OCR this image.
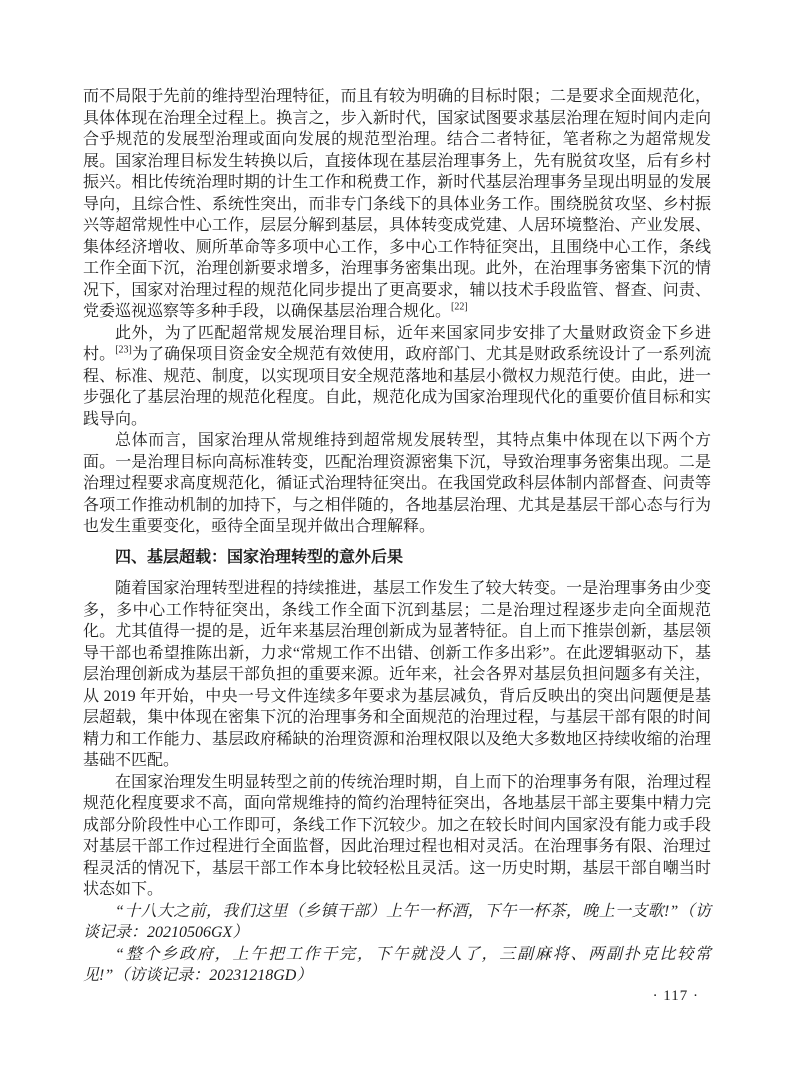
而不局限于先前的维持型治理特征，而且有较为明确的目标时限；二是要求全面规范化，具体体现在治理全过程上。换言之，步入新时代，国家试图要求基层治理在短时间内走向合乎规范的发展型治理或面向发展的规范型治理。结合二者特征，笔者称之为超常规发展。国家治理目标发生转换以后，直接体现在基层治理事务上，先有脱贫攻坚，后有乡村振兴。相比传统治理时期的计生工作和税费工作，新时代基层治理事务呈现出明显的发展导向，且综合性、系统性突出，而非专门条线下的具体业务工作。围绕脱贫攻坚、乡村振兴等超常规性中心工作，层层分解到基层，具体转变成党建、人居环境整治、产业发展、集体经济增收、厕所革命等多项中心工作，多中心工作特征突出，且围绕中心工作，条线工作全面下沉，治理创新要求增多，治理事务密集出现。此外，在治理事务密集下沉的情况下，国家对治理过程的规范化同步提出了更高要求，辅以技术手段监管、督查、问责、党委巡视巡察等多种手段，以确保基层治理合规化。[22]

此外，为了匹配超常规发展治理目标，近年来国家同步安排了大量财政资金下乡进村。[23]为了确保项目资金安全规范有效使用，政府部门、尤其是财政系统设计了一系列流程、标准、规范、制度，以实现项目安全规范落地和基层小微权力规范行使。由此，进一步强化了基层治理的规范化程度。自此，规范化成为国家治理现代化的重要价值目标和实践导向。

总体而言，国家治理从常规维持到超常规发展转型，其特点集中体现在以下两个方面。一是治理目标向高标准转变，匹配治理资源密集下沉，导致治理事务密集出现。二是治理过程要求高度规范化，循证式治理特征突出。在我国党政科层体制内部督查、问责等各项工作推动机制的加持下，与之相伴随的，各地基层治理、尤其是基层干部心态与行为也发生重要变化，亟待全面呈现并做出合理解释。

四、基层超载：国家治理转型的意外后果

随着国家治理转型进程的持续推进，基层工作发生了较大转变。一是治理事务由少变多，多中心工作特征突出，条线工作全面下沉到基层；二是治理过程逐步走向全面规范化。尤其值得一提的是，近年来基层治理创新成为显著特征。自上而下推崇创新，基层领导干部也希望推陈出新，力求“常规工作不出错、创新工作多出彩”。在此逻辑驱动下，基层治理创新成为基层干部负担的重要来源。近年来，社会各界对基层负担问题多有关注，从 2019 年开始，中央一号文件连续多年要求为基层减负，背后反映出的突出问题便是基层超载，集中体现在密集下沉的治理事务和全面规范的治理过程，与基层干部有限的时间精力和工作能力、基层政府稀缺的治理资源和治理权限以及绝大多数地区持续收缩的治理基础不匹配。

在国家治理发生明显转型之前的传统治理时期，自上而下的治理事务有限，治理过程规范化程度要求不高，面向常规维持的简约治理特征突出，各地基层干部主要集中精力完成部分阶段性中心工作即可，条线工作下沉较少。加之在较长时间内国家没有能力或手段对基层干部工作过程进行全面监督，因此治理过程也相对灵活。在治理事务有限、治理过程灵活的情况下，基层干部工作本身比较轻松且灵活。这一历史时期，基层干部自嘲当时状态如下。

“十八大之前，我们这里（乡镇干部）上午一杯酒，下午一杯茶，晚上一支歌!”（访谈记录：20210506GX）

“整个乡政府，上午把工作干完，下午就没人了，三副麻将、两副扑克比较常见!”（访谈记录：20231218GD）

· 117 ·
